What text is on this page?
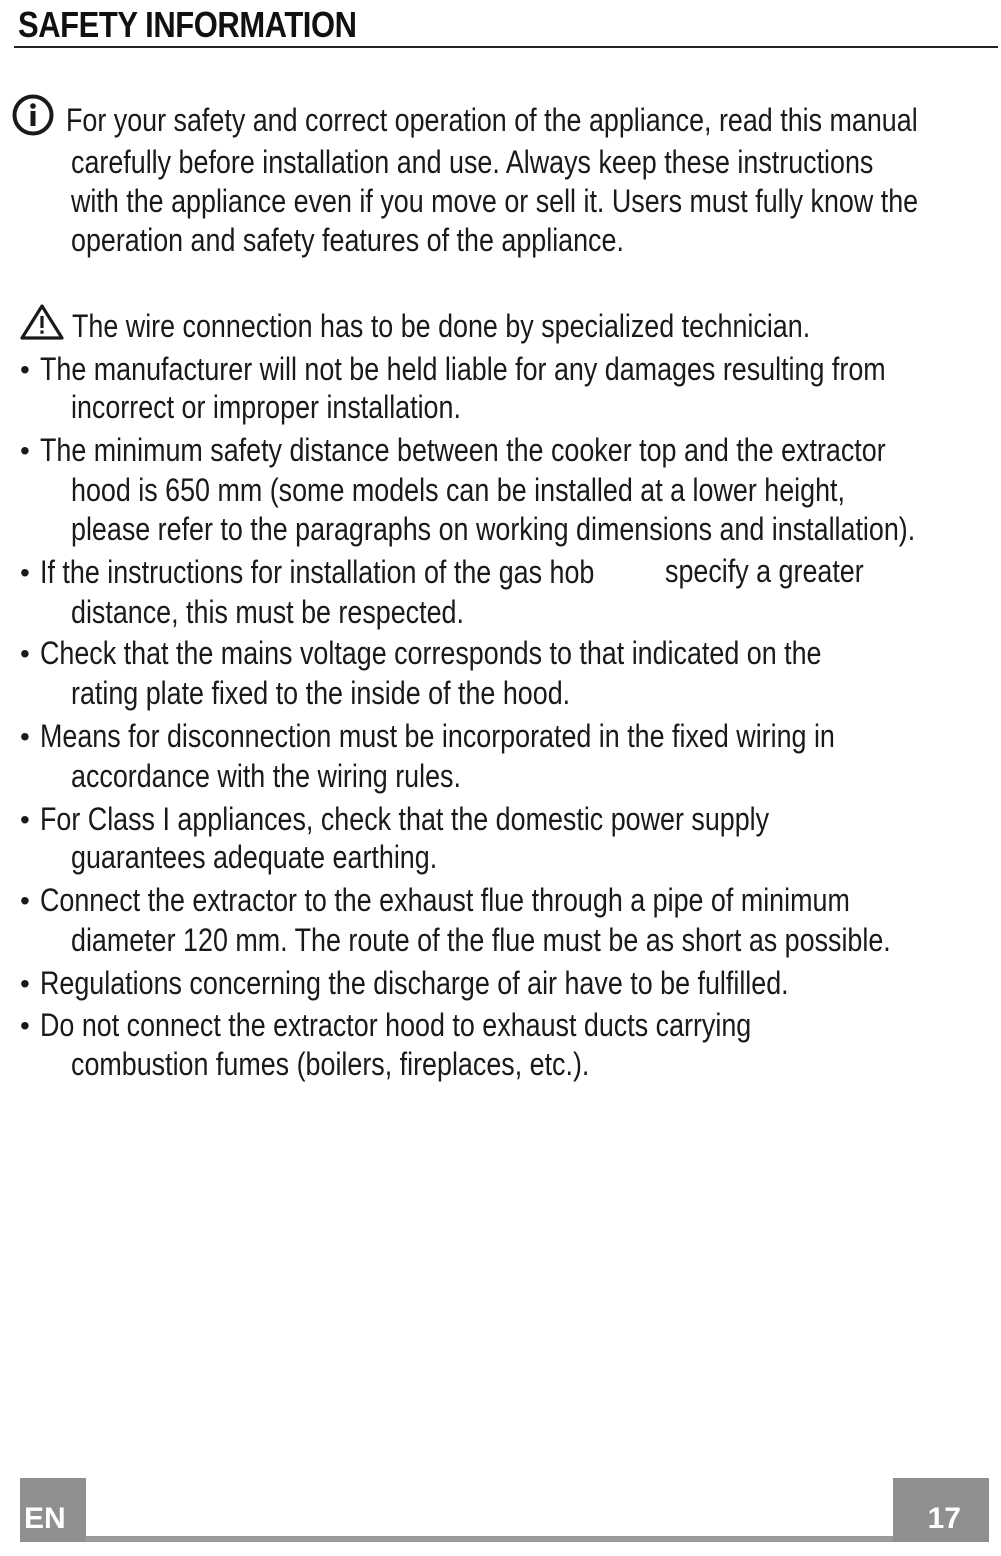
SAFETY INFORMATION
For your safety and correct operation of the appliance, read this manual
carefully before installation and use. Always keep these instructions
with the appliance even if you move or sell it. Users must fully know the
operation and safety features of the appliance.
The wire connection has to be done by specialized technician.
• The manufacturer will not be held liable for any damages resulting from
incorrect or improper installation.
• The minimum safety distance between the cooker top and the extractor
hood is 650 mm (some models can be installed at a lower height,
please refer to the paragraphs on working dimensions and installation).
• If the instructions for installation of the gas hob specify a greater
distance, this must be respected.
• Check that the mains voltage corresponds to that indicated on the
rating plate fixed to the inside of the hood.
• Means for disconnection must be incorporated in the fixed wiring in
accordance with the wiring rules.
• For Class I appliances, check that the domestic power supply
guarantees adequate earthing.
• Connect the extractor to the exhaust flue through a pipe of minimum
diameter 120 mm. The route of the flue must be as short as possible.
• Regulations concerning the discharge of air have to be fulfilled.
• Do not connect the extractor hood to exhaust ducts carrying
combustion fumes (boilers, fireplaces, etc.).
EN	17
